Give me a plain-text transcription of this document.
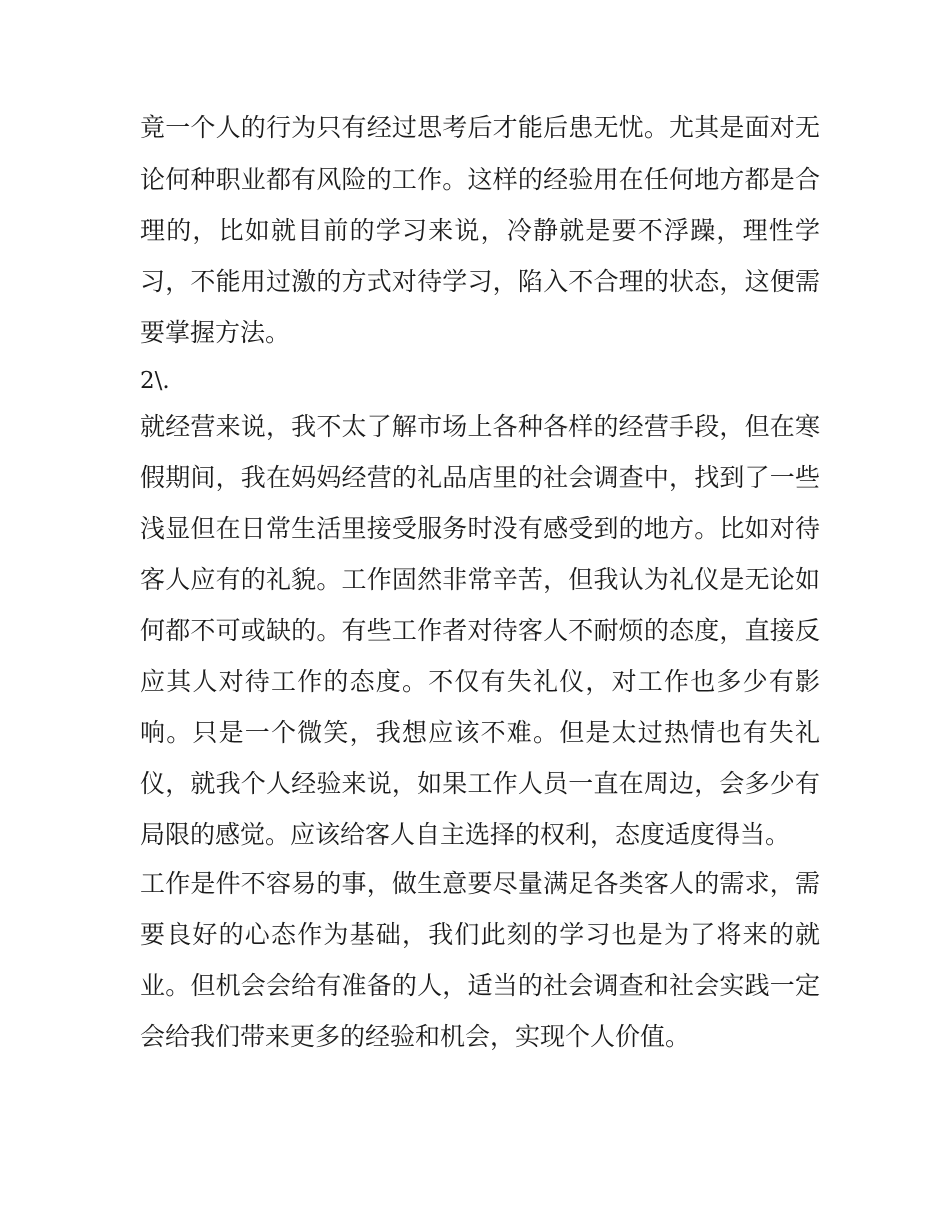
竟一个人的行为只有经过思考后才能后患无忧。尤其是面对无
论何种职业都有风险的工作。这样的经验用在任何地方都是合
理的，比如就目前的学习来说，冷静就是要不浮躁，理性学
习，不能用过激的方式对待学习，陷入不合理的状态，这便需
要掌握方法。
2\.
就经营来说，我不太了解市场上各种各样的经营手段，但在寒
假期间，我在妈妈经营的礼品店里的社会调查中，找到了一些
浅显但在日常生活里接受服务时没有感受到的地方。比如对待
客人应有的礼貌。工作固然非常辛苦，但我认为礼仪是无论如
何都不可或缺的。有些工作者对待客人不耐烦的态度，直接反
应其人对待工作的态度。不仅有失礼仪，对工作也多少有影
响。只是一个微笑，我想应该不难。但是太过热情也有失礼
仪，就我个人经验来说，如果工作人员一直在周边，会多少有
局限的感觉。应该给客人自主选择的权利，态度适度得当。
工作是件不容易的事，做生意要尽量满足各类客人的需求，需
要良好的心态作为基础，我们此刻的学习也是为了将来的就
业。但机会会给有准备的人，适当的社会调查和社会实践一定
会给我们带来更多的经验和机会，实现个人价值。
